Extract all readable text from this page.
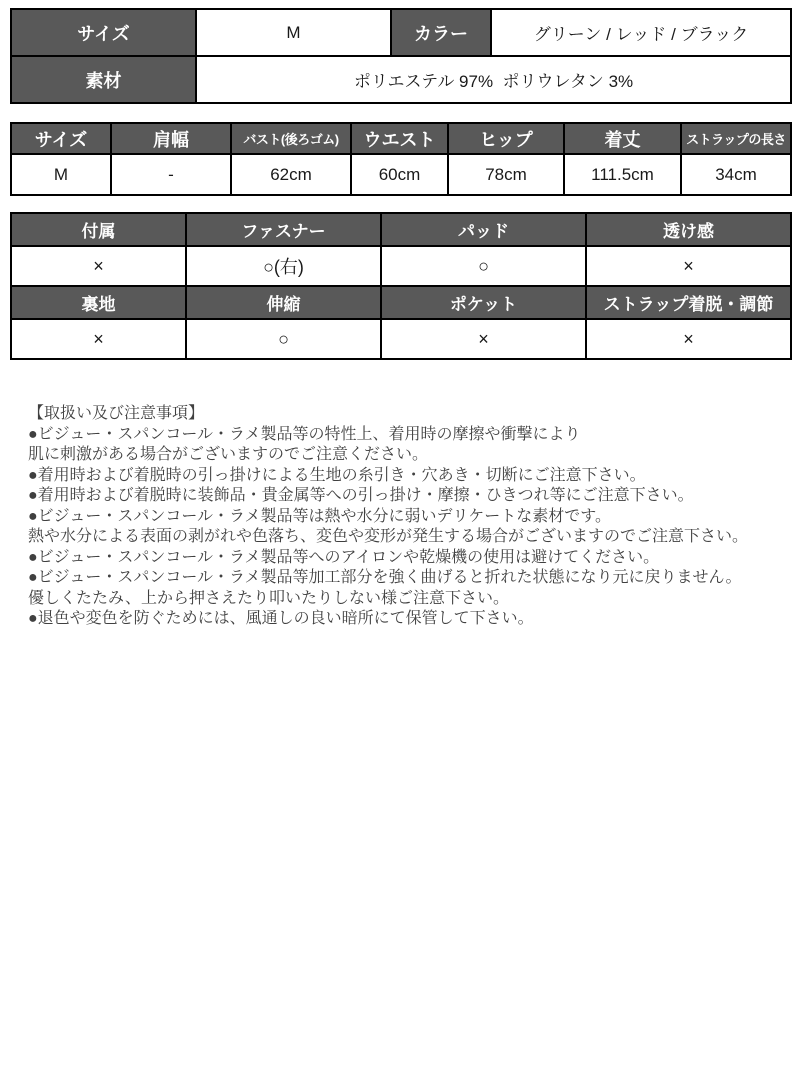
サイズ	M	カラー	グリーン / レッド / ブラック
素材	ポリエステル 97%  ポリウレタン 3%		
サイズ	肩幅	バスト(後ろゴム)	ウエスト	ヒップ	着丈	ストラップの長さ
M	-	62cm	60cm	78cm	111.5cm	34cm
付属	ファスナー	パッド	透け感
×	○(右)	○	×
裏地	伸縮	ポケット	ストラップ着脱・調節
×	○	×	×
【取扱い及び注意事項】
●ビジュー・スパンコール・ラメ製品等の特性上、着用時の摩擦や衝撃により
肌に刺激がある場合がございますのでご注意ください。
●着用時および着脱時の引っ掛けによる生地の糸引き・穴あき・切断にご注意下さい。
●着用時および着脱時に装飾品・貴金属等への引っ掛け・摩擦・ひきつれ等にご注意下さい。
●ビジュー・スパンコール・ラメ製品等は熱や水分に弱いデリケートな素材です。
熱や水分による表面の剥がれや色落ち、変色や変形が発生する場合がございますのでご注意下さい。
●ビジュー・スパンコール・ラメ製品等へのアイロンや乾燥機の使用は避けてください。
●ビジュー・スパンコール・ラメ製品等加工部分を強く曲げると折れた状態になり元に戻りません。
優しくたたみ、上から押さえたり叩いたりしない様ご注意下さい。
●退色や変色を防ぐためには、風通しの良い暗所にて保管して下さい。
